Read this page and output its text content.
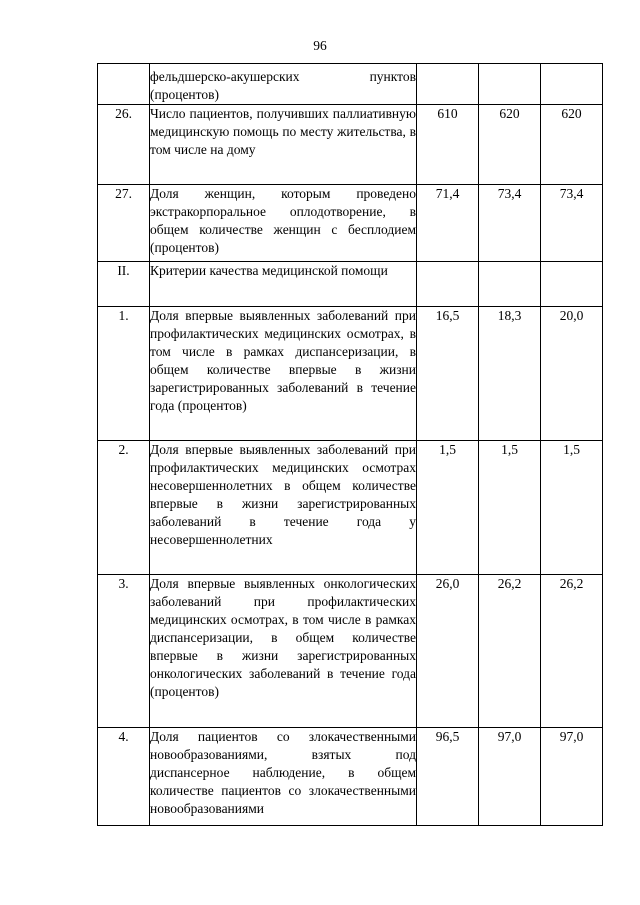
96
	фельдшерско-акушерских пунктов (процентов)			
26.	Число пациентов, получивших паллиативную медицинскую помощь по месту жительства, в том числе на дому	610	620	620
27.	Доля женщин, которым проведено экстракорпоральное оплодотворение, в общем количестве женщин с бесплодием (процентов)	71,4	73,4	73,4
II.	Критерии качества медицинской помощи			
1.	Доля впервые выявленных заболеваний при профилактических медицинских осмотрах, в том числе в рамках диспансеризации, в общем количестве впервые в жизни зарегистрированных заболеваний в течение года (процентов)	16,5	18,3	20,0
2.	Доля впервые выявленных заболеваний при профилактических медицинских осмотрах несовершеннолетних в общем количестве впервые в жизни зарегистрированных заболеваний в течение года у несовершеннолетних	1,5	1,5	1,5
3.	Доля впервые выявленных онкологических заболеваний при профилактических медицинских осмотрах, в том числе в рамках диспансеризации, в общем количестве впервые в жизни зарегистрированных онкологических заболеваний в течение года (процентов)	26,0	26,2	26,2
4.	Доля пациентов со злокачественными новообразованиями, взятых под диспансерное наблюдение, в общем количестве пациентов со злокачественными новообразованиями	96,5	97,0	97,0
